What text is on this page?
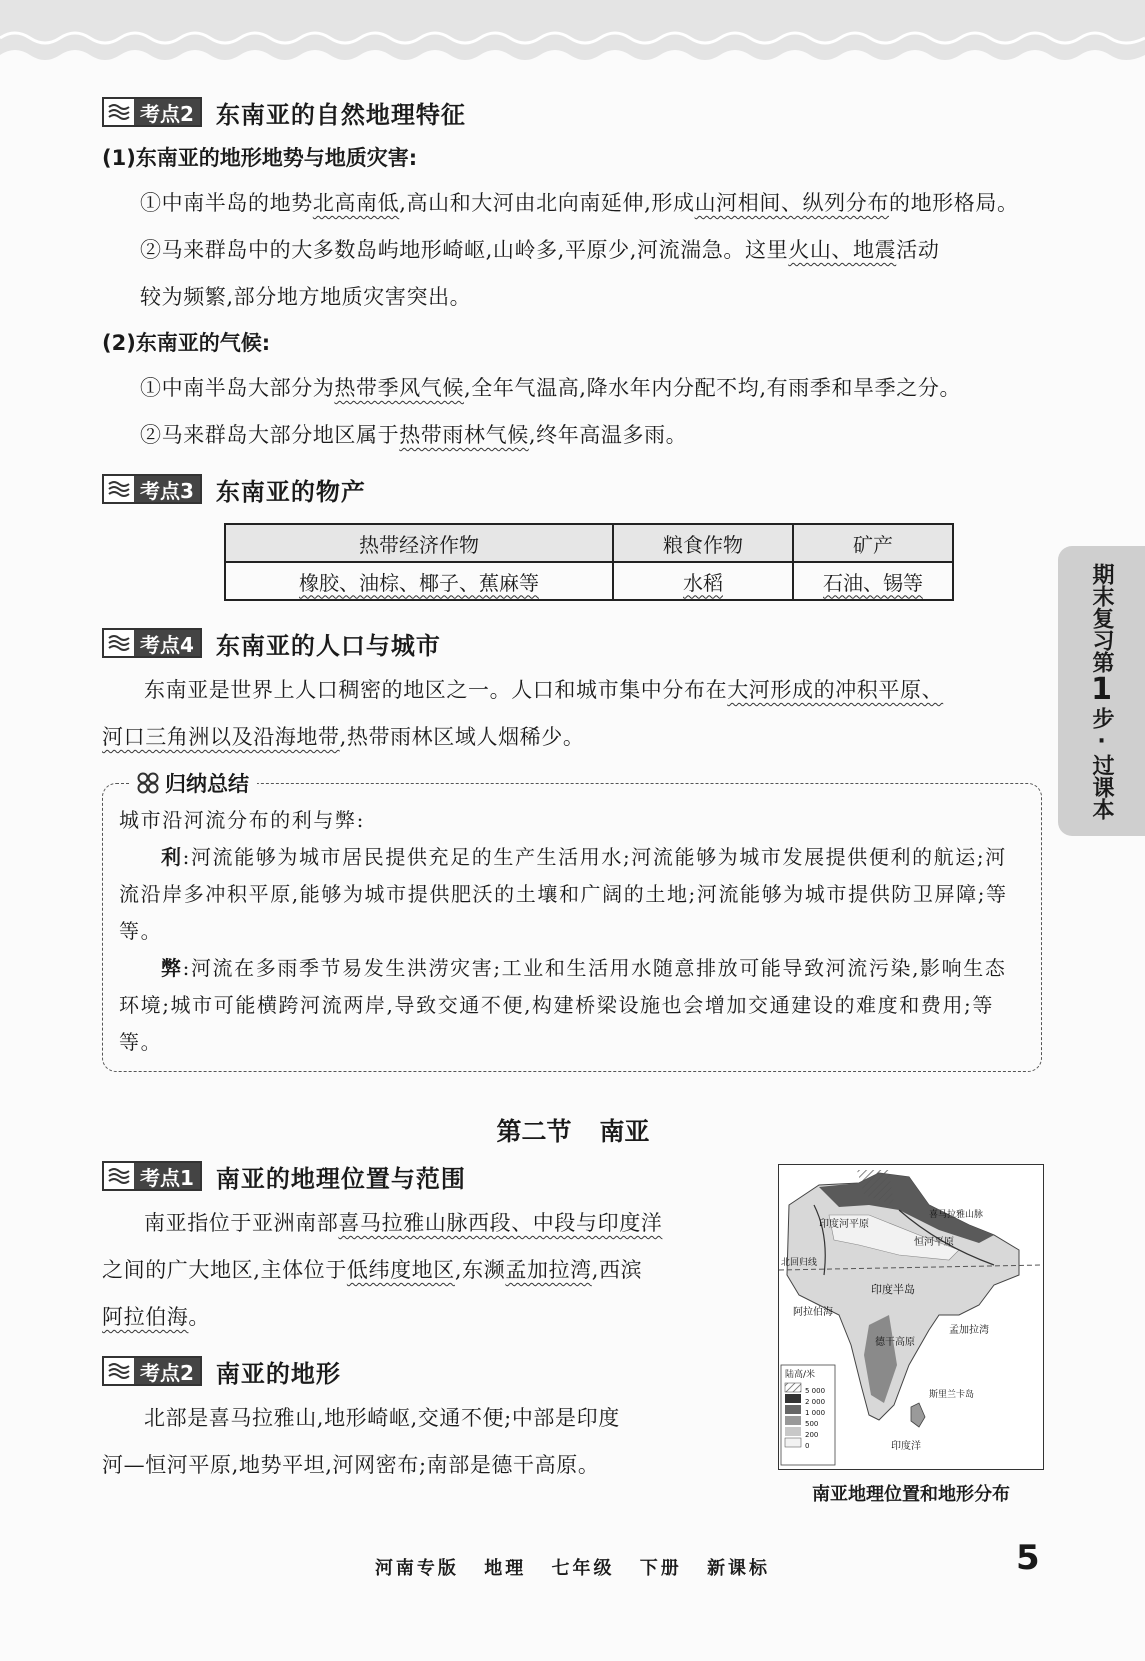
考点2 东南亚的自然地理特征
(1)东南亚的地形地势与地质灾害:
①中南半岛的地势北高南低,高山和大河由北向南延伸,形成山河相间、纵列分布的地形格局。
②马来群岛中的大多数岛屿地形崎岖,山岭多,平原少,河流湍急。这里火山、地震活动
较为频繁,部分地方地质灾害突出。
(2)东南亚的气候:
①中南半岛大部分为热带季风气候,全年气温高,降水年内分配不均,有雨季和旱季之分。
②马来群岛大部分地区属于热带雨林气候,终年高温多雨。
考点3 东南亚的物产
热带经济作物	粮食作物	矿产
橡胶、油棕、椰子、蕉麻等	水稻	石油、锡等
考点4 东南亚的人口与城市
东南亚是世界上人口稠密的地区之一。人口和城市集中分布在大河形成的冲积平原、
河口三角洲以及沿海地带,热带雨林区域人烟稀少。
归纳总结
城市沿河流分布的利与弊:
利:河流能够为城市居民提供充足的生产生活用水;河流能够为城市发展提供便利的航运;河流沿岸多冲积平原,能够为城市提供肥沃的土壤和广阔的土地;河流能够为城市提供防卫屏障;等等。
弊:河流在多雨季节易发生洪涝灾害;工业和生活用水随意排放可能导致河流污染,影响生态环境;城市可能横跨河流两岸,导致交通不便,构建桥梁设施也会增加交通建设的难度和费用;等等。
第二节 南亚
考点1 南亚的地理位置与范围
南亚指位于亚洲南部喜马拉雅山脉西段、中段与印度洋
之间的广大地区,主体位于低纬度地区,东濒孟加拉湾,西滨
阿拉伯海。
考点2 南亚的地形
北部是喜马拉雅山,地形崎岖,交通不便;中部是印度
河—恒河平原,地势平坦,河网密布;南部是德干高原。
印度河平原
恒河平原
喜马拉雅山脉
北回归线
印度半岛
阿拉伯海
德干高原
孟加拉湾
斯里兰卡岛
印度洋
陆高/米
5 000
2 000
1 000
500
200
0
南亚地理位置和地形分布
期末复习第
1
步·过课本
河南专版 地理 七年级 下册 新课标	5
